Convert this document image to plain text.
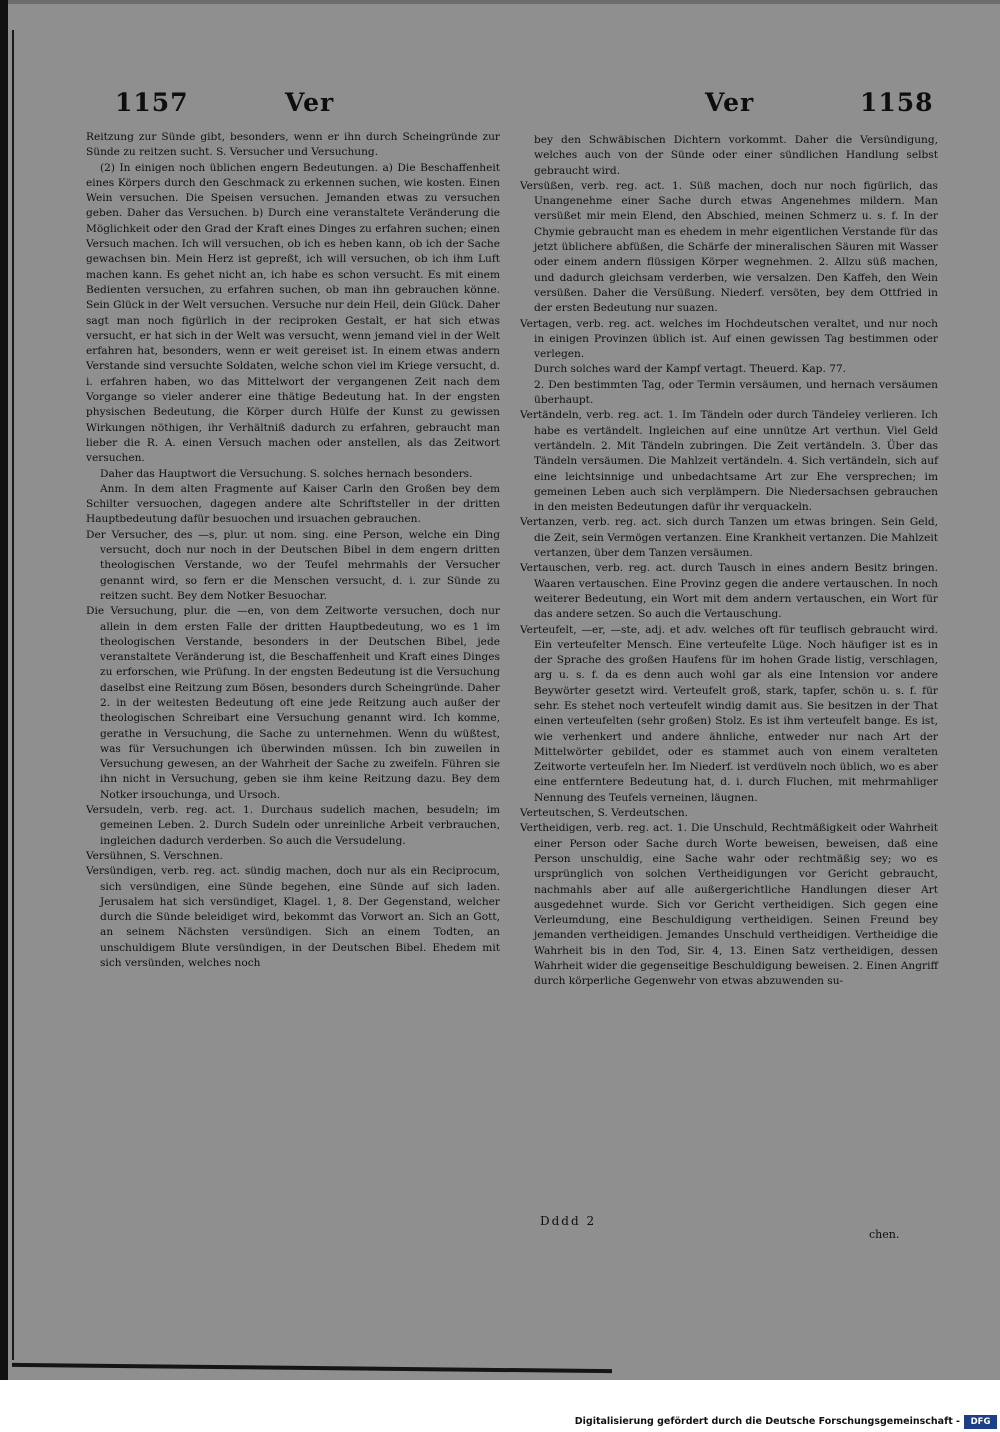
1157	Ver	Ver	1158

Reitzung zur Sünde gibt, besonders, wenn er ihn durch Scheingründe zur Sünde zu reitzen sucht. S. Versucher und Versuchung.

(2) In einigen noch üblichen engern Bedeutungen. a) Die Beschaffenheit eines Körpers durch den Geschmack zu erkennen suchen, wie kosten. Einen Wein versuchen. Die Speisen versuchen. Jemanden etwas zu versuchen geben. Daher das Versuchen. b) Durch eine veranstaltete Veränderung die Möglichkeit oder den Grad der Kraft eines Dinges zu erfahren suchen; einen Versuch machen. Ich will versuchen, ob ich es heben kann, ob ich der Sache gewachsen bin. Mein Herz ist gepreßt, ich will versuchen, ob ich ihm Luft machen kann. Es gehet nicht an, ich habe es schon versucht. Es mit einem Bedienten versuchen, zu erfahren suchen, ob man ihn gebrauchen könne. Sein Glück in der Welt versuchen. Versuche nur dein Heil, dein Glück. Daher sagt man noch figürlich in der reciproken Gestalt, er hat sich etwas versucht, er hat sich in der Welt was versucht, wenn jemand viel in der Welt erfahren hat, besonders, wenn er weit gereiset ist. In einem etwas andern Verstande sind versuchte Soldaten, welche schon viel im Kriege versucht, d. i. erfahren haben, wo das Mittelwort der vergangenen Zeit nach dem Vorgange so vieler anderer eine thätige Bedeutung hat. In der engsten physischen Bedeutung, die Körper durch Hülfe der Kunst zu gewissen Wirkungen nöthigen, ihr Verhältniß dadurch zu erfahren, gebraucht man lieber die R. A. einen Versuch machen oder anstellen, als das Zeitwort versuchen.

Daher das Hauptwort die Versuchung. S. solches hernach besonders.

Anm. In dem alten Fragmente auf Kaiser Carln den Großen bey dem Schilter versuochen, dagegen andere alte Schriftsteller in der dritten Hauptbedeutung dafür besuochen und irsuachen gebrauchen.

Der Versucher, des —s, plur. ut nom. sing. eine Person, welche ein Ding versucht, doch nur noch in der Deutschen Bibel in dem engern dritten theologischen Verstande, wo der Teufel mehrmahls der Versucher genannt wird, so fern er die Menschen versucht, d. i. zur Sünde zu reitzen sucht. Bey dem Notker Besuochar.

Die Versuchung, plur. die —en, von dem Zeitworte versuchen, doch nur allein in dem ersten Falle der dritten Hauptbedeutung, wo es 1 im theologischen Verstande, besonders in der Deutschen Bibel, jede veranstaltete Veränderung ist, die Beschaffenheit und Kraft eines Dinges zu erforschen, wie Prüfung. In der engsten Bedeutung ist die Versuchung daselbst eine Reitzung zum Bösen, besonders durch Scheingründe. Daher 2. in der weitesten Bedeutung oft eine jede Reitzung auch außer der theologischen Schreibart eine Versuchung genannt wird. Ich komme, gerathe in Versuchung, die Sache zu unternehmen. Wenn du wüßtest, was für Versuchungen ich überwinden müssen. Ich bin zuweilen in Versuchung gewesen, an der Wahrheit der Sache zu zweifeln. Führen sie ihn nicht in Versuchung, geben sie ihm keine Reitzung dazu. Bey dem Notker irsouchunga, und Ursoch.

Versudeln, verb. reg. act. 1. Durchaus sudelich machen, besudeln; im gemeinen Leben. 2. Durch Sudeln oder unreinliche Arbeit verbrauchen, ingleichen dadurch verderben. So auch die Versudelung.

Versühnen, S. Verschnen.

Versündigen, verb. reg. act. sündig machen, doch nur als ein Reciprocum, sich versündigen, eine Sünde begehen, eine Sünde auf sich laden. Jerusalem hat sich versündiget, Klagel. 1, 8. Der Gegenstand, welcher durch die Sünde beleidiget wird, bekommt das Vorwort an. Sich an Gott, an seinem Nächsten versündigen. Sich an einem Todten, an unschuldigem Blute versündigen, in der Deutschen Bibel. Ehedem mit sich versünden, welches noch

bey den Schwäbischen Dichtern vorkommt. Daher die Versündigung, welches auch von der Sünde oder einer sündlichen Handlung selbst gebraucht wird.

Versüßen, verb. reg. act. 1. Süß machen, doch nur noch figürlich, das Unangenehme einer Sache durch etwas Angenehmes mildern. Man versüßet mir mein Elend, den Abschied, meinen Schmerz u. s. f. In der Chymie gebraucht man es ehedem in mehr eigentlichen Verstande für das jetzt üblichere abfüßen, die Schärfe der mineralischen Säuren mit Wasser oder einem andern flüssigen Körper wegnehmen. 2. Allzu süß machen, und dadurch gleichsam verderben, wie versalzen. Den Kaffeh, den Wein versüßen. Daher die Versüßung. Niederf. versöten, bey dem Ottfried in der ersten Bedeutung nur suazen.

Vertagen, verb. reg. act. welches im Hochdeutschen veraltet, und nur noch in einigen Provinzen üblich ist. Auf einen gewissen Tag bestimmen oder verlegen.

Durch solches ward der Kampf vertagt. Theuerd. Kap. 77.

2. Den bestimmten Tag, oder Termin versäumen, und hernach versäumen überhaupt.

Vertändeln, verb. reg. act. 1. Im Tändeln oder durch Tändeley verlieren. Ich habe es vertändelt. Ingleichen auf eine unnütze Art verthun. Viel Geld vertändeln. 2. Mit Tändeln zubringen. Die Zeit vertändeln. 3. Über das Tändeln versäumen. Die Mahlzeit vertändeln. 4. Sich vertändeln, sich auf eine leichtsinnige und unbedachtsame Art zur Ehe versprechen; im gemeinen Leben auch sich verplämpern. Die Niedersachsen gebrauchen in den meisten Bedeutungen dafür ihr verquackeln.

Vertanzen, verb. reg. act. sich durch Tanzen um etwas bringen. Sein Geld, die Zeit, sein Vermögen vertanzen. Eine Krankheit vertanzen. Die Mahlzeit vertanzen, über dem Tanzen versäumen.

Vertauschen, verb. reg. act. durch Tausch in eines andern Besitz bringen. Waaren vertauschen. Eine Provinz gegen die andere vertauschen. In noch weiterer Bedeutung, ein Wort mit dem andern vertauschen, ein Wort für das andere setzen. So auch die Vertauschung.

Verteufelt, —er, —ste, adj. et adv. welches oft für teuflisch gebraucht wird. Ein verteufelter Mensch. Eine verteufelte Lüge. Noch häufiger ist es in der Sprache des großen Haufens für im hohen Grade listig, verschlagen, arg u. s. f. da es denn auch wohl gar als eine Intension vor andere Beywörter gesetzt wird. Verteufelt groß, stark, tapfer, schön u. s. f. für sehr. Es stehet noch verteufelt windig damit aus. Sie besitzen in der That einen verteufelten (sehr großen) Stolz. Es ist ihm verteufelt bange. Es ist, wie verhenkert und andere ähnliche, entweder nur nach Art der Mittelwörter gebildet, oder es stammet auch von einem veralteten Zeitworte verteufeln her. Im Niederf. ist verdüveln noch üblich, wo es aber eine entferntere Bedeutung hat, d. i. durch Fluchen, mit mehrmahliger Nennung des Teufels verneinen, läugnen.

Verteutschen, S. Verdeutschen.

Vertheidigen, verb. reg. act. 1. Die Unschuld, Rechtmäßigkeit oder Wahrheit einer Person oder Sache durch Worte beweisen, beweisen, daß eine Person unschuldig, eine Sache wahr oder rechtmäßig sey; wo es ursprünglich von solchen Vertheidigungen vor Gericht gebraucht, nachmahls aber auf alle außergerichtliche Handlungen dieser Art ausgedehnet wurde. Sich vor Gericht vertheidigen. Sich gegen eine Verleumdung, eine Beschuldigung vertheidigen. Seinen Freund bey jemanden vertheidigen. Jemandes Unschuld vertheidigen. Vertheidige die Wahrheit bis in den Tod, Sir. 4, 13. Einen Satz vertheidigen, dessen Wahrheit wider die gegenseitige Beschuldigung beweisen. 2. Einen Angriff durch körperliche Gegenwehr von etwas abzuwenden su-

Dddd 2
chen.
Digitalisierung gefördert durch die Deutsche Forschungsgemeinschaft -	DFG
